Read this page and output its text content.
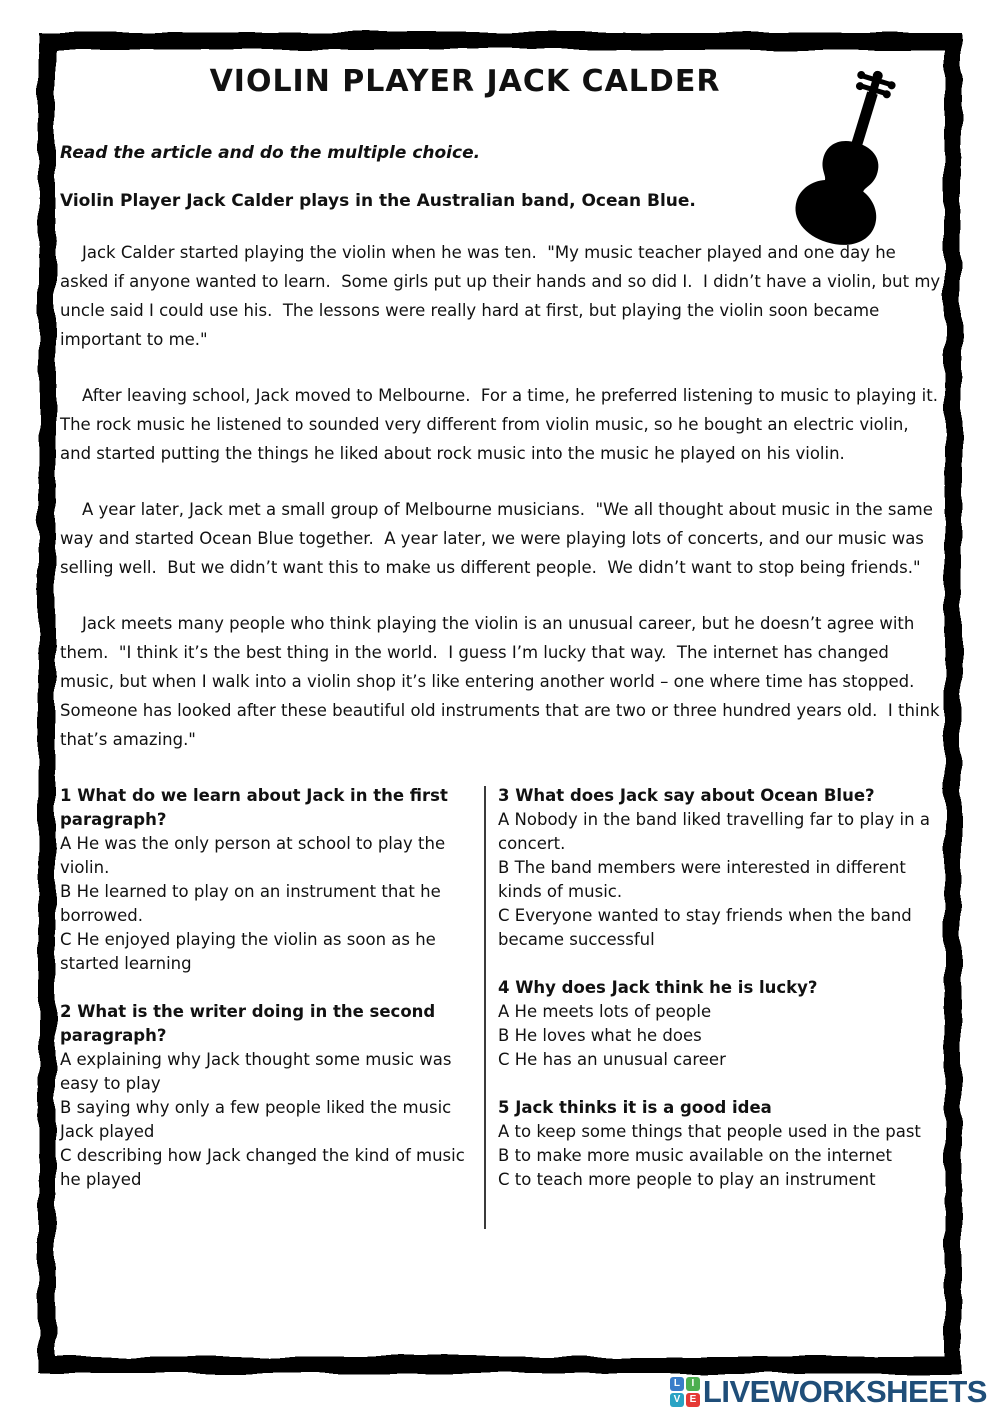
VIOLIN PLAYER JACK CALDER
Read the article and do the multiple choice.
Violin Player Jack Calder plays in the Australian band, Ocean Blue.
Jack Calder started playing the violin when he was ten.  "My music teacher played and one day he asked if anyone wanted to learn.  Some girls put up their hands and so did I.  I didn’t have a violin, but my uncle said I could use his.  The lessons were really hard at first, but playing the violin soon became important to me."
After leaving school, Jack moved to Melbourne.  For a time, he preferred listening to music to playing it.  The rock music he listened to sounded very different from violin music, so he bought an electric violin, and started putting the things he liked about rock music into the music he played on his violin.
A year later, Jack met a small group of Melbourne musicians.  "We all thought about music in the same way and started Ocean Blue together.  A year later, we were playing lots of concerts, and our music was selling well.  But we didn’t want this to make us different people.  We didn’t want to stop being friends."
Jack meets many people who think playing the violin is an unusual career, but he doesn’t agree with them.  "I think it’s the best thing in the world.  I guess I’m lucky that way.  The internet has changed music, but when I walk into a violin shop it’s like entering another world – one where time has stopped.  Someone has looked after these beautiful old instruments that are two or three hundred years old.  I think that’s amazing."
1 What do we learn about Jack in the first paragraph?
A He was the only person at school to play the violin.
B He learned to play on an instrument that he borrowed.
C He enjoyed playing the violin as soon as he started learning
2 What is the writer doing in the second paragraph?
A explaining why Jack thought some music was easy to play
B saying why only a few people liked the music Jack played
C describing how Jack changed the kind of music he played
3 What does Jack say about Ocean Blue?
A Nobody in the band liked travelling far to play in a concert.
B The band members were interested in different kinds of music.
C Everyone wanted to stay friends when the band became successful
4 Why does Jack think he is lucky?
A He meets lots of people
B He loves what he does
C He has an unusual career
5 Jack thinks it is a good idea
A to keep some things that people used in the past
B to make more music available on the internet
C to teach more people to play an instrument
L	I
V E LIVEWORKSHEETS
